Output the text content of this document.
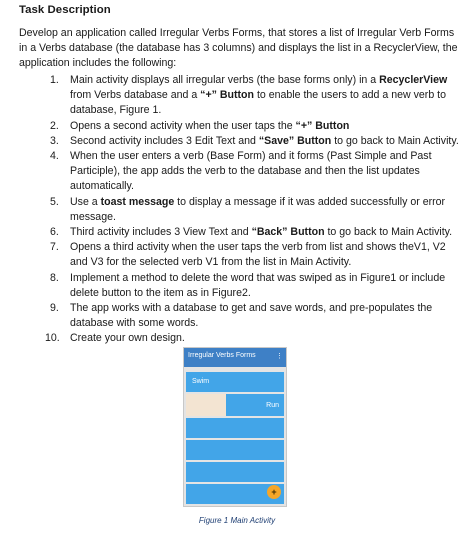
Task Description
Develop an application called Irregular Verbs Forms, that stores a list of Irregular Verb Forms in a Verbs database (the database has 3 columns) and displays the list in a RecyclerView, the application includes the following:
1. Main activity displays all irregular verbs (the base forms only) in a RecyclerView from Verbs database and a “+” Button to enable the users to add a new verb to database, Figure 1.
2. Opens a second activity when the user taps the “+” Button
3. Second activity includes 3 Edit Text and “Save” Button to go back to Main Activity.
4. When the user enters a verb (Base Form) and it forms (Past Simple and Past Participle), the app adds the verb to the database and then the list updates automatically.
5. Use a toast message to display a message if it was added successfully or error message.
6. Third activity includes 3 View Text and “Back” Button to go back to Main Activity.
7. Opens a third activity when the user taps the verb from list and shows theV1, V2 and V3 for the selected verb V1 from the list in Main Activity.
8. Implement a method to delete the word that was swiped as in Figure1 or include delete button to the item as in Figure2.
9. The app works with a database to get and save words, and pre-populates the database with some words.
10. Create your own design.
Irregular Verbs Forms	⋮
Swim
Run
+
Figure 1 Main Activity
